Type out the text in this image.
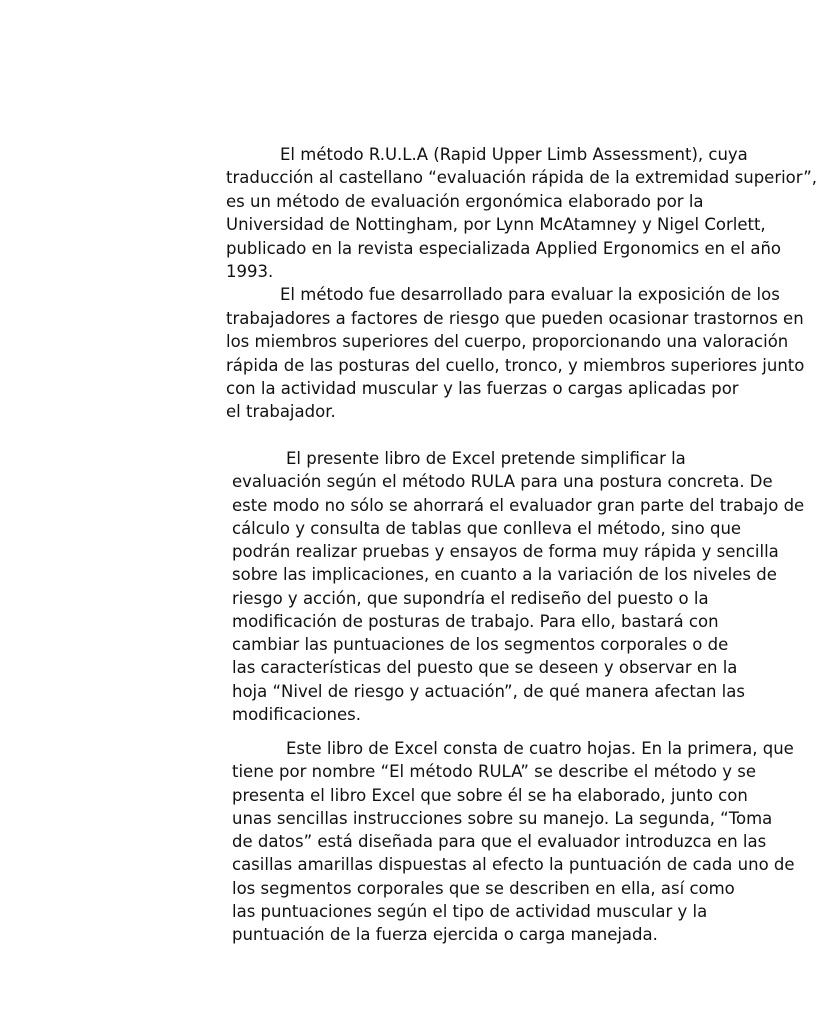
El método R.U.L.A (Rapid Upper Limb Assessment), cuya
traducción al castellano “evaluación rápida de la extremidad superior”,
es un método de evaluación ergonómica elaborado por la
Universidad de Nottingham, por Lynn McAtamney y Nigel Corlett,
publicado en la revista especializada Applied Ergonomics en el año
1993.
El método fue desarrollado para evaluar la exposición de los
trabajadores a factores de riesgo que pueden ocasionar trastornos en
los miembros superiores del cuerpo, proporcionando una valoración
rápida de las posturas del cuello, tronco, y miembros superiores junto
con la actividad muscular y las fuerzas o cargas aplicadas por
el trabajador.
El presente libro de Excel pretende simplificar la
evaluación según el método RULA para una postura concreta. De
este modo no sólo se ahorrará el evaluador gran parte del trabajo de
cálculo y consulta de tablas que conlleva el método, sino que
podrán realizar pruebas y ensayos de forma muy rápida y sencilla
sobre las implicaciones, en cuanto a la variación de los niveles de
riesgo y acción, que supondría el rediseño del puesto o la
modificación de posturas de trabajo. Para ello, bastará con
cambiar las puntuaciones de los segmentos corporales o de
las características del puesto que se deseen y observar en la
hoja “Nivel de riesgo y actuación”, de qué manera afectan las
modificaciones.
Este libro de Excel consta de cuatro hojas. En la primera, que
tiene por nombre “El método RULA” se describe el método y se
presenta el libro Excel que sobre él se ha elaborado, junto con
unas sencillas instrucciones sobre su manejo. La segunda, “Toma
de datos” está diseñada para que el evaluador introduzca en las
casillas amarillas dispuestas al efecto la puntuación de cada uno de
los segmentos corporales que se describen en ella, así como
las puntuaciones según el tipo de actividad muscular y la
puntuación de la fuerza ejercida o carga manejada.
